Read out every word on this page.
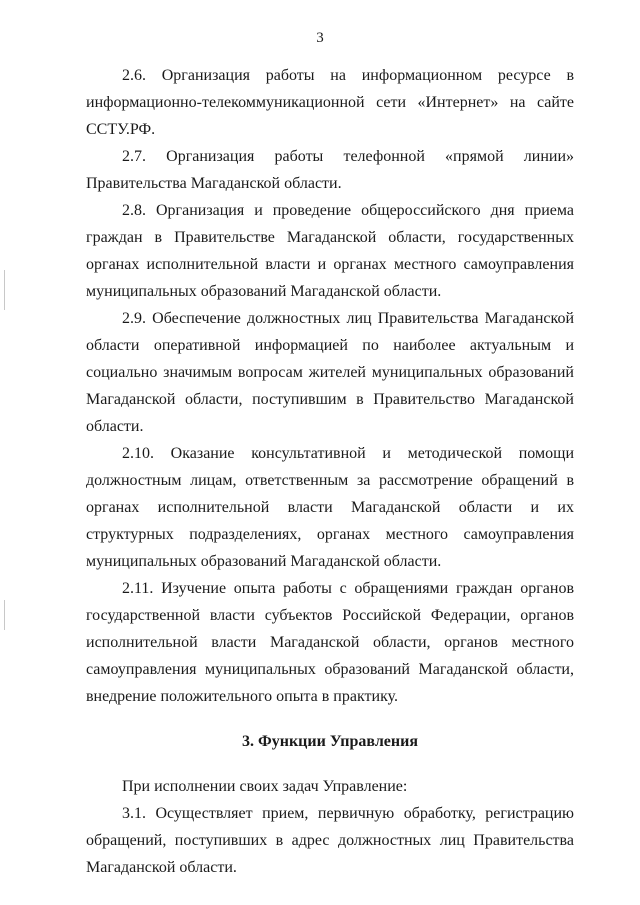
3

2.6. Организация работы на информационном ресурсе в информационно-телекоммуникационной сети «Интернет» на сайте ССТУ.РФ.

2.7. Организация работы телефонной «прямой линии» Правительства Магаданской области.

2.8. Организация и проведение общероссийского дня приема граждан в Правительстве Магаданской области, государственных органах исполнительной власти и органах местного самоуправления муниципальных образований Магаданской области.

2.9. Обеспечение должностных лиц Правительства Магаданской области оперативной информацией по наиболее актуальным и социально значимым вопросам жителей муниципальных образований Магаданской области, поступившим в Правительство Магаданской области.

2.10. Оказание консультативной и методической помощи должностным лицам, ответственным за рассмотрение обращений в органах исполнительной власти Магаданской области и их структурных подразделениях, органах местного самоуправления муниципальных образований Магаданской области.

2.11. Изучение опыта работы с обращениями граждан органов государственной власти субъектов Российской Федерации, органов исполнительной власти Магаданской области, органов местного самоуправления муниципальных образований Магаданской области, внедрение положительного опыта в практику.

3. Функции Управления

При исполнении своих задач Управление:

3.1. Осуществляет прием, первичную обработку, регистрацию обращений, поступивших в адрес должностных лиц Правительства Магаданской области.
